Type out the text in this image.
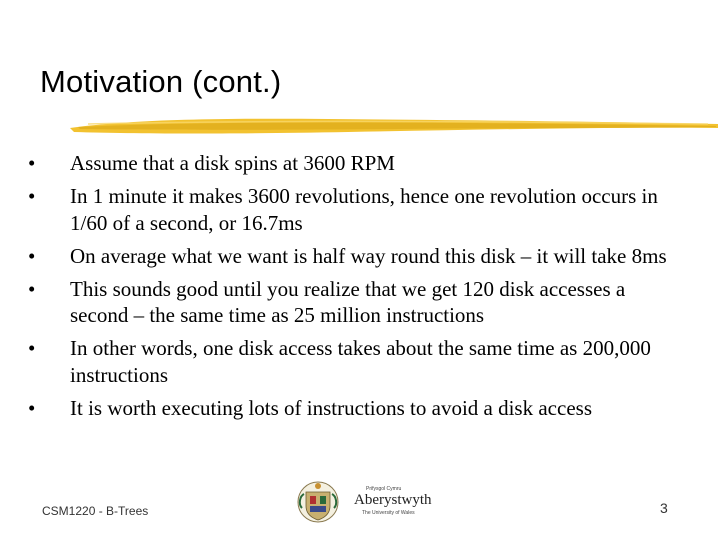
Motivation (cont.)
•	Assume that a disk spins at 3600 RPM
•	In 1 minute it makes 3600 revolutions, hence one revolution occurs in 1/60 of a second, or 16.7ms
•	On average what we want is half way round this disk – it will take 8ms
•	This sounds good until you realize that we get 120 disk accesses a second – the same time as 25 million instructions
•	In other words, one disk access takes about the same time as 200,000 instructions
•	It is worth executing lots of instructions to avoid a disk access
CSM1220 - B-Trees
Prifysgol Cymru
Aberystwyth
The University of Wales	3
